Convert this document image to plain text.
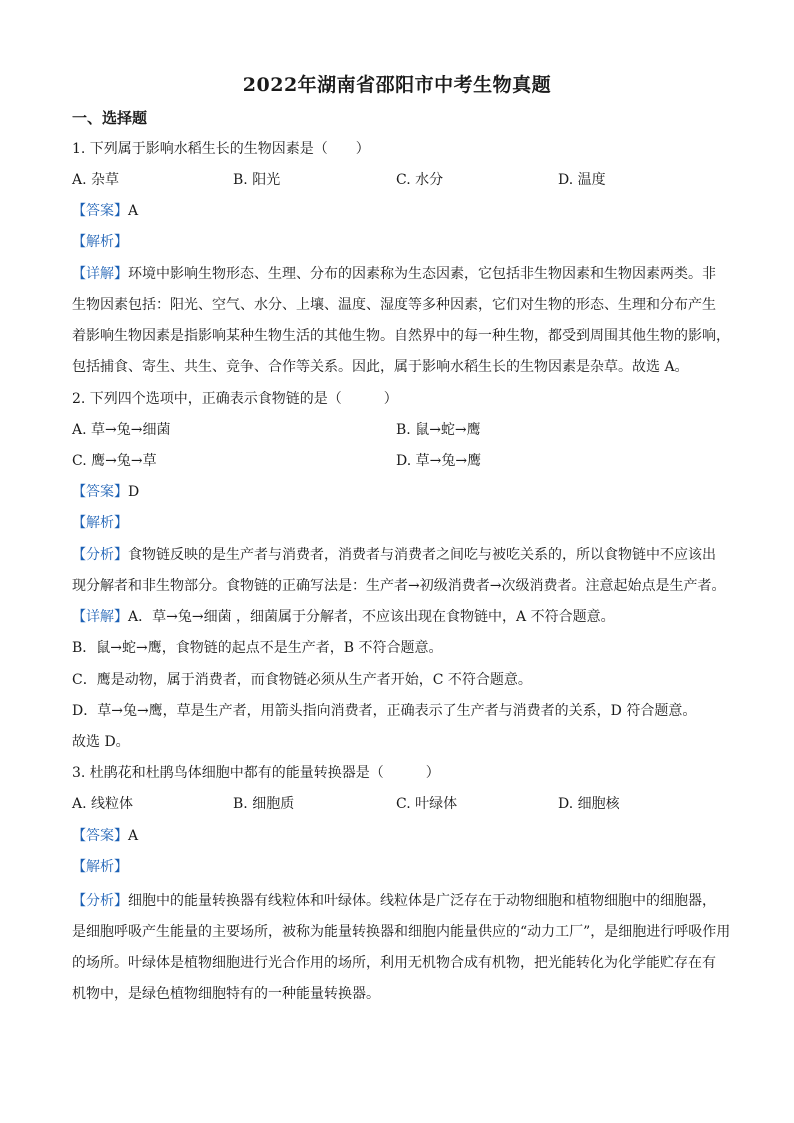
2022年湖南省邵阳市中考生物真题
一、选择题
1. 下列属于影响水稻生长的生物因素是（　　）
A. 杂草	B. 阳光	C. 水分	D. 温度
【答案】A
【解析】
【详解】环境中影响生物形态、生理、分布的因素称为生态因素，它包括非生物因素和生物因素两类。非
生物因素包括：阳光、空气、水分、上壤、温度、湿度等多种因素，它们对生物的形态、生理和分布产生
着影响生物因素是指影响某种生物生活的其他生物。自然界中的每一种生物，都受到周围其他生物的影响，
包括捕食、寄生、共生、竞争、合作等关系。因此，属于影响水稻生长的生物因素是杂草。故选 A。
2. 下列四个选项中，正确表示食物链的是（　　　）
A. 草→兔→细菌	B. 鼠→蛇→鹰
C. 鹰→兔→草	D. 草→兔→鹰
【答案】D
【解析】
【分析】食物链反映的是生产者与消费者，消费者与消费者之间吃与被吃关系的，所以食物链中不应该出
现分解者和非生物部分。食物链的正确写法是：生产者→初级消费者→次级消费者。注意起始点是生产者。
【详解】A．草→兔→细菌 ，细菌属于分解者，不应该出现在食物链中，A 不符合题意。
B．鼠→蛇→鹰，食物链的起点不是生产者，B 不符合题意。
C．鹰是动物，属于消费者，而食物链必须从生产者开始，C 不符合题意。
D．草→兔→鹰，草是生产者，用箭头指向消费者，正确表示了生产者与消费者的关系，D 符合题意。
故选 D。
3. 杜鹃花和杜鹃鸟体细胞中都有的能量转换器是（　　　）
A. 线粒体	B. 细胞质	C. 叶绿体	D. 细胞核
【答案】A
【解析】
【分析】细胞中的能量转换器有线粒体和叶绿体。线粒体是广泛存在于动物细胞和植物细胞中的细胞器，
是细胞呼吸产生能量的主要场所，被称为能量转换器和细胞内能量供应的“动力工厂”，是细胞进行呼吸作用
的场所。叶绿体是植物细胞进行光合作用的场所，利用无机物合成有机物，把光能转化为化学能贮存在有
机物中，是绿色植物细胞特有的一种能量转换器。
